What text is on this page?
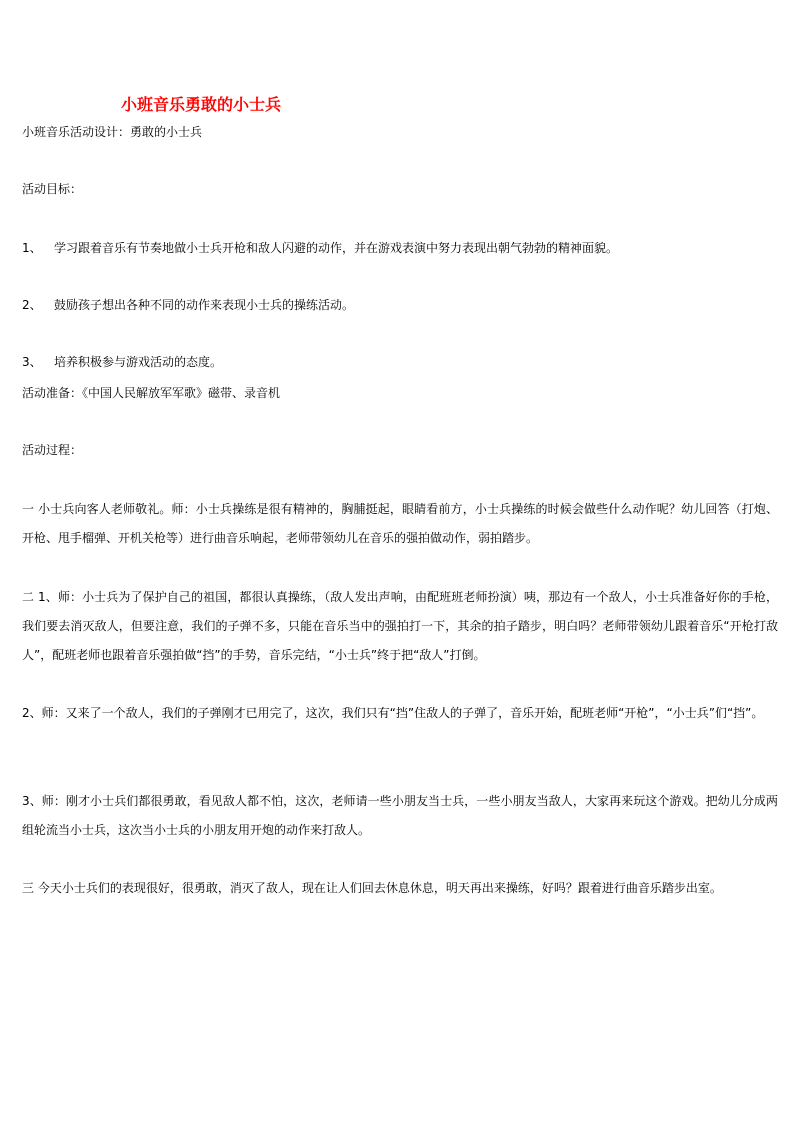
小班音乐勇敢的小士兵
小班音乐活动设计：勇敢的小士兵
活动目标：
1、 学习跟着音乐有节奏地做小士兵开枪和敌人闪避的动作，并在游戏表演中努力表现出朝气勃勃的精神面貌。
2、 鼓励孩子想出各种不同的动作来表现小士兵的操练活动。
3、 培养积极参与游戏活动的态度。
活动准备：《中国人民解放军军歌》磁带、录音机
活动过程：
一 小士兵向客人老师敬礼。师：小士兵操练是很有精神的，胸脯挺起，眼睛看前方，小士兵操练的时候会做些什么动作呢？幼儿回答（打炮、开枪、甩手榴弹、开机关枪等）进行曲音乐响起，老师带领幼儿在音乐的强拍做动作，弱拍踏步。
二 1、师：小士兵为了保护自己的祖国，都很认真操练，（敌人发出声响，由配班班老师扮演）咦，那边有一个敌人，小士兵准备好你的手枪，我们要去消灭敌人，但要注意，我们的子弹不多，只能在音乐当中的强拍打一下，其余的拍子踏步，明白吗？老师带领幼儿跟着音乐“开枪打敌人”，配班老师也跟着音乐强拍做“挡”的手势，音乐完结，“小士兵”终于把“敌人”打倒。
2、师：又来了一个敌人，我们的子弹刚才已用完了，这次，我们只有“挡”住敌人的子弹了，音乐开始，配班老师“开枪”，“小士兵”们“挡”。
3、师：刚才小士兵们都很勇敢，看见敌人都不怕，这次，老师请一些小朋友当士兵，一些小朋友当敌人，大家再来玩这个游戏。把幼儿分成两组轮流当小士兵，这次当小士兵的小朋友用开炮的动作来打敌人。
三 今天小士兵们的表现很好，很勇敢，消灭了敌人，现在让人们回去休息休息，明天再出来操练，好吗？跟着进行曲音乐踏步出室。
